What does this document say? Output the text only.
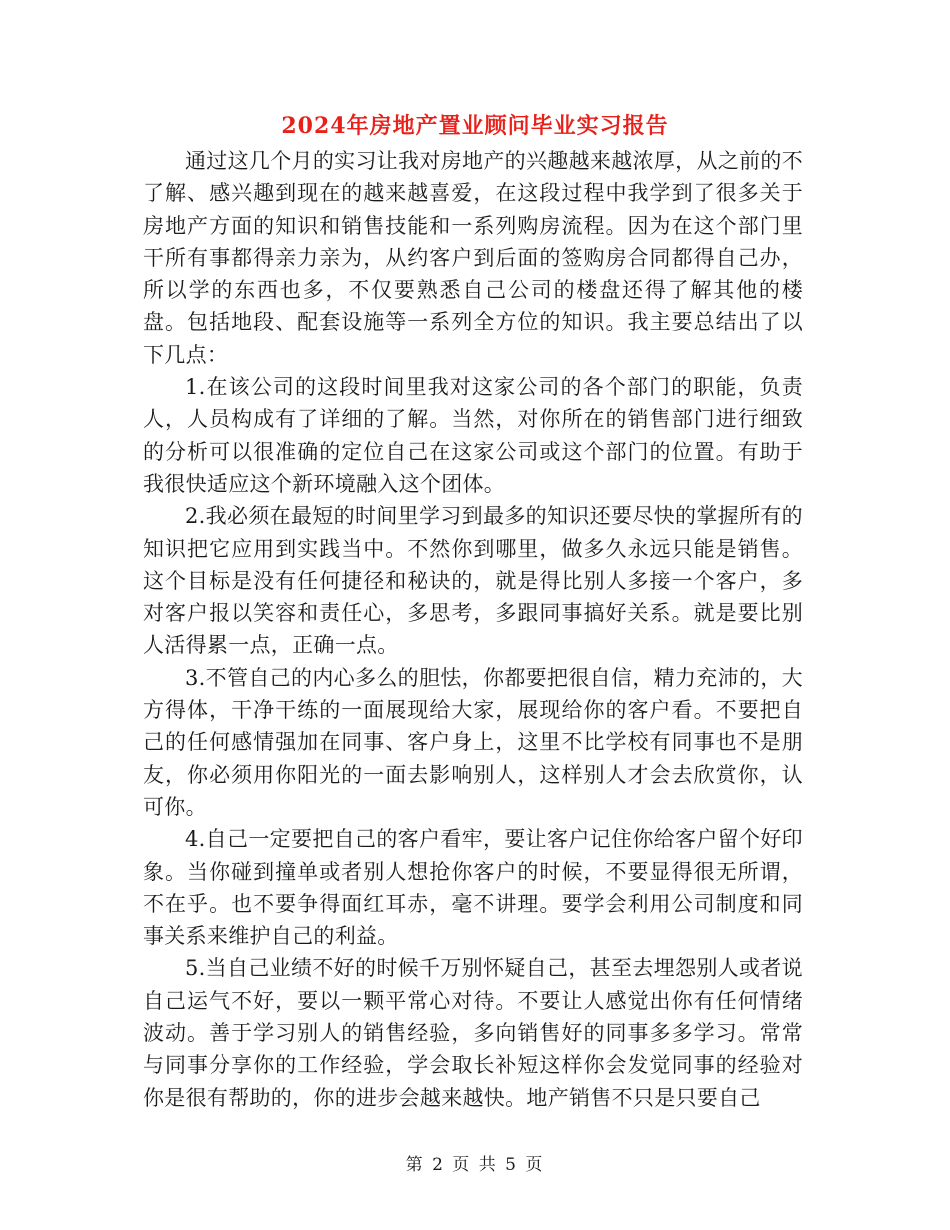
2024年房地产置业顾问毕业实习报告

通过这几个月的实习让我对房地产的兴趣越来越浓厚，从之前的不了解、感兴趣到现在的越来越喜爱，在这段过程中我学到了很多关于房地产方面的知识和销售技能和一系列购房流程。因为在这个部门里干所有事都得亲力亲为，从约客户到后面的签购房合同都得自己办，所以学的东西也多，不仅要熟悉自己公司的楼盘还得了解其他的楼盘。包括地段、配套设施等一系列全方位的知识。我主要总结出了以下几点：

1.在该公司的这段时间里我对这家公司的各个部门的职能，负责人，人员构成有了详细的了解。当然，对你所在的销售部门进行细致的分析可以很准确的定位自己在这家公司或这个部门的位置。有助于我很快适应这个新环境融入这个团体。

2.我必须在最短的时间里学习到最多的知识还要尽快的掌握所有的知识把它应用到实践当中。不然你到哪里，做多久永远只能是销售。这个目标是没有任何捷径和秘诀的，就是得比别人多接一个客户，多对客户报以笑容和责任心，多思考，多跟同事搞好关系。就是要比别人活得累一点，正确一点。

3.不管自己的内心多么的胆怯，你都要把很自信，精力充沛的，大方得体，干净干练的一面展现给大家，展现给你的客户看。不要把自己的任何感情强加在同事、客户身上，这里不比学校有同事也不是朋友，你必须用你阳光的一面去影响别人，这样别人才会去欣赏你，认可你。

4.自己一定要把自己的客户看牢，要让客户记住你给客户留个好印象。当你碰到撞单或者别人想抢你客户的时候，不要显得很无所谓，不在乎。也不要争得面红耳赤，毫不讲理。要学会利用公司制度和同事关系来维护自己的利益。

5.当自己业绩不好的时候千万别怀疑自己，甚至去埋怨别人或者说自己运气不好，要以一颗平常心对待。不要让人感觉出你有任何情绪波动。善于学习别人的销售经验，多向销售好的同事多多学习。常常与同事分享你的工作经验，学会取长补短这样你会发觉同事的经验对你是很有帮助的，你的进步会越来越快。地产销售不只是只要自己

第 2 页 共 5 页
